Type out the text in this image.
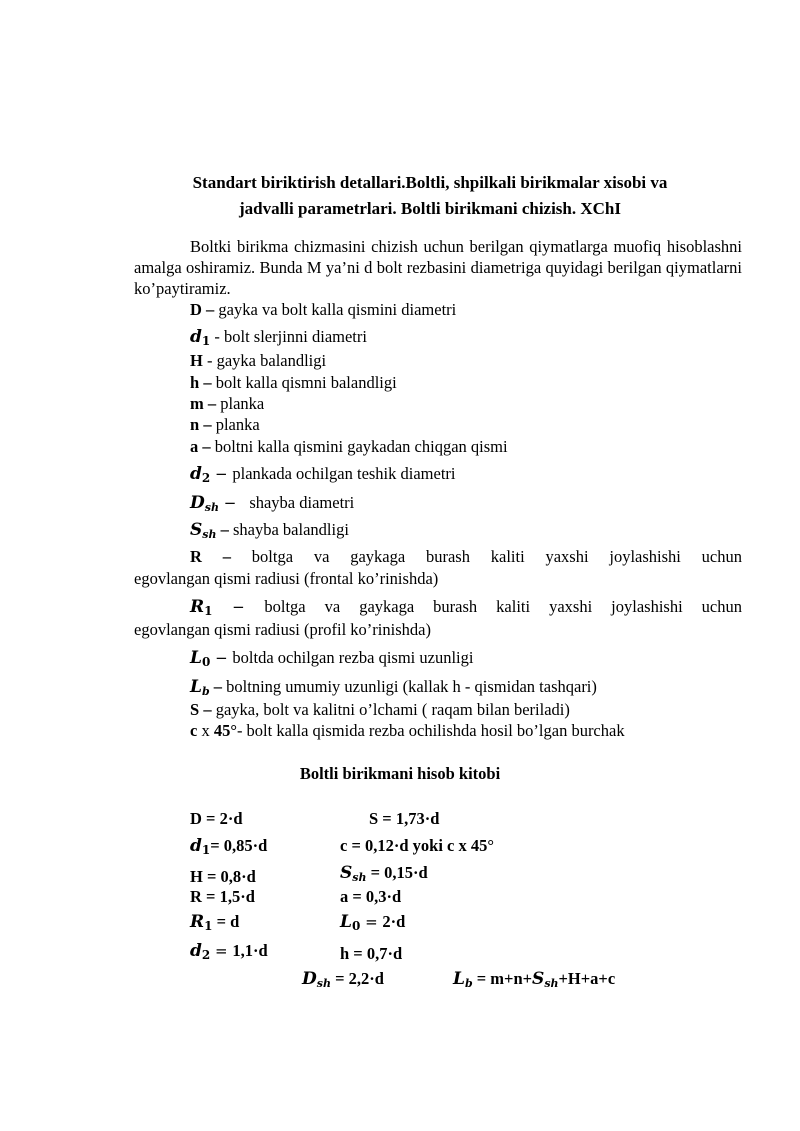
Standart biriktirish detallari.Boltli, shpilkali birikmalar xisobi va
jadvalli parametrlari. Boltli birikmani chizish. XChI
Boltki birikma chizmasini chizish uchun berilgan qiymatlarga muofiq hisoblashni amalga oshiramiz. Bunda M ya’ni d bolt rezbasini diametriga quyidagi berilgan qiymatlarni ko’paytiramiz.
D – gayka va bolt kalla qismini diametri
$d_1$ - bolt slerjinni diametri
H - gayka balandligi
h – bolt kalla qismni balandligi
m – planka
n – planka
a – boltni kalla qismini gaykadan chiqgan qismi
$d_2$ − plankada ochilgan teshik diametri
$D_{sh}$ −   shayba diametri
$S_{sh}$ – shayba balandligi
R – boltga va gaykaga burash kaliti yaxshi joylashishi uchun
egovlangan qismi radiusi (frontal ko’rinishda)
$R_1$ − boltga va gaykaga burash kaliti yaxshi joylashishi uchun
egovlangan qismi radiusi (profil ko’rinishda)
$L_0$ − boltda ochilgan rezba qismi uzunligi
$L_b$ – boltning umumiy uzunligi (kallak h - qismidan tashqari)
S – gayka, bolt va kalitni o’lchami ( raqam bilan beriladi)
c x 45°- bolt kalla qismida rezba ochilishda hosil bo’lgan burchak
Boltli birikmani hisob kitobi
D = 2·d	S = 1,73·d
$d_1= 0,85\cdot d$	c = 0,12·d yoki c x 45°
H = 0,8·d	$S_{sh} = 0,15\cdot d$
R = 1,5·d	a = 0,3·d
$R_1 = d$	$L_0 = 2\cdot d$
$d_2 = 1,1\cdot d$	h = 0,7·d
$D_{sh} = 2,2\cdot d$	$L_b = m+n+S_{sh}+H+a+c$
